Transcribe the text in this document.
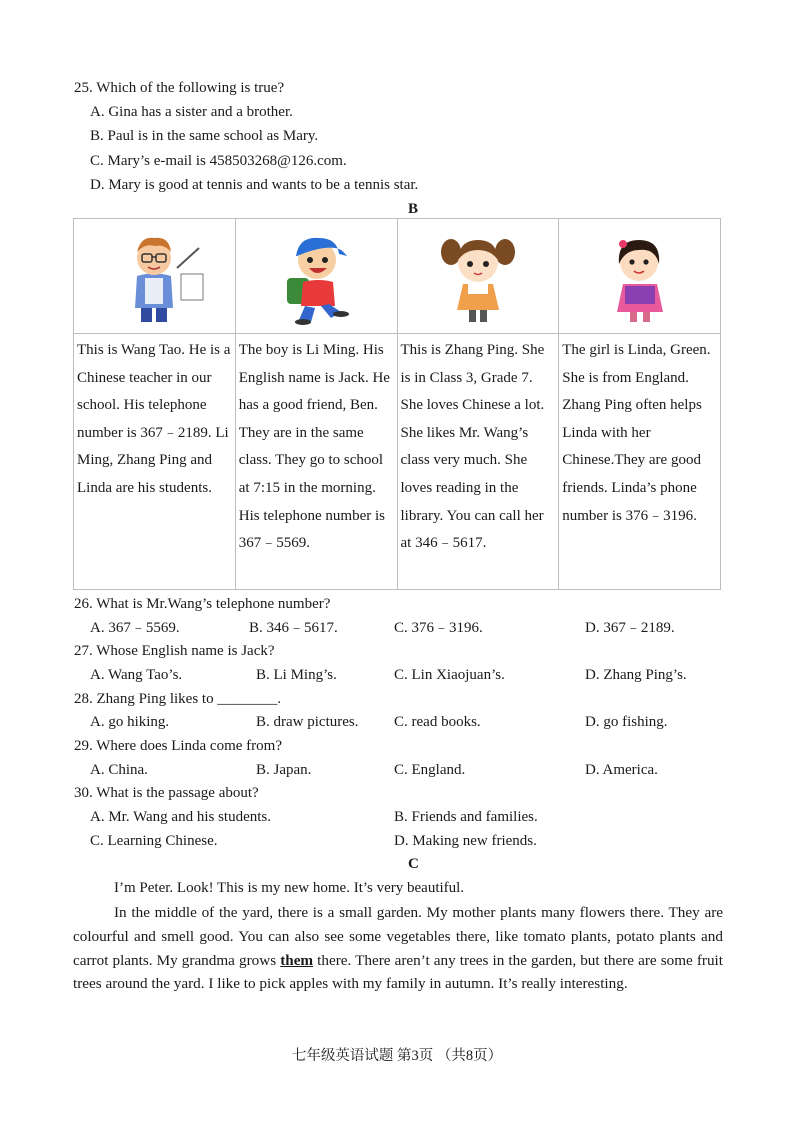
25. Which of the following is true?
A. Gina has a sister and a brother.
B. Paul is in the same school as Mary.
C. Mary’s e-mail is 458503268@126.com.
D. Mary is good at tennis and wants to be a tennis star.
B

This is Wang Tao. He is a Chinese teacher in our school. His telephone number is 367﹣2189. Li Ming, Zhang Ping and Linda are his students.	The boy is Li Ming. His English name is Jack. He has a good friend, Ben. They are in the same class. They go to school at 7:15 in the morning. His telephone number is 367﹣5569.	This is Zhang Ping. She is in Class 3, Grade 7. She loves Chinese a lot. She likes Mr. Wang’s class very much. She loves reading in the library. You can call her at 346﹣5617.	The girl is Linda, Green. She is from England. Zhang Ping often helps Linda with her Chinese.They are good friends. Linda’s phone number is 376﹣3196.
26. What is Mr.Wang’s telephone number?
A. 367﹣5569.	B. 346﹣5617.	C. 376﹣3196.	D. 367﹣2189.
27. Whose English name is Jack?
A. Wang Tao’s.	B. Li Ming’s.	C. Lin Xiaojuan’s.	D. Zhang Ping’s.
28. Zhang Ping likes to ________.
A. go hiking.	B. draw pictures. C. read books.	D. go fishing.
29. Where does Linda come from?
A. China.	B. Japan.	C. England.	D. America.
30. What is the passage about?
A. Mr. Wang and his students.	B. Friends and families.
C. Learning Chinese.	D. Making new friends.
C
I’m Peter. Look! This is my new home. It’s very beautiful.
In the middle of the yard, there is a small garden. My mother plants many flowers there. They are colourful and smell good. You can also see some vegetables there, like tomato plants, potato plants and carrot plants. My grandma grows them there. There aren’t any trees in the garden, but there are some fruit trees around the yard. I like to pick apples with my family in autumn. It’s really interesting.
七年级英语试题 第3页 （共8页）
